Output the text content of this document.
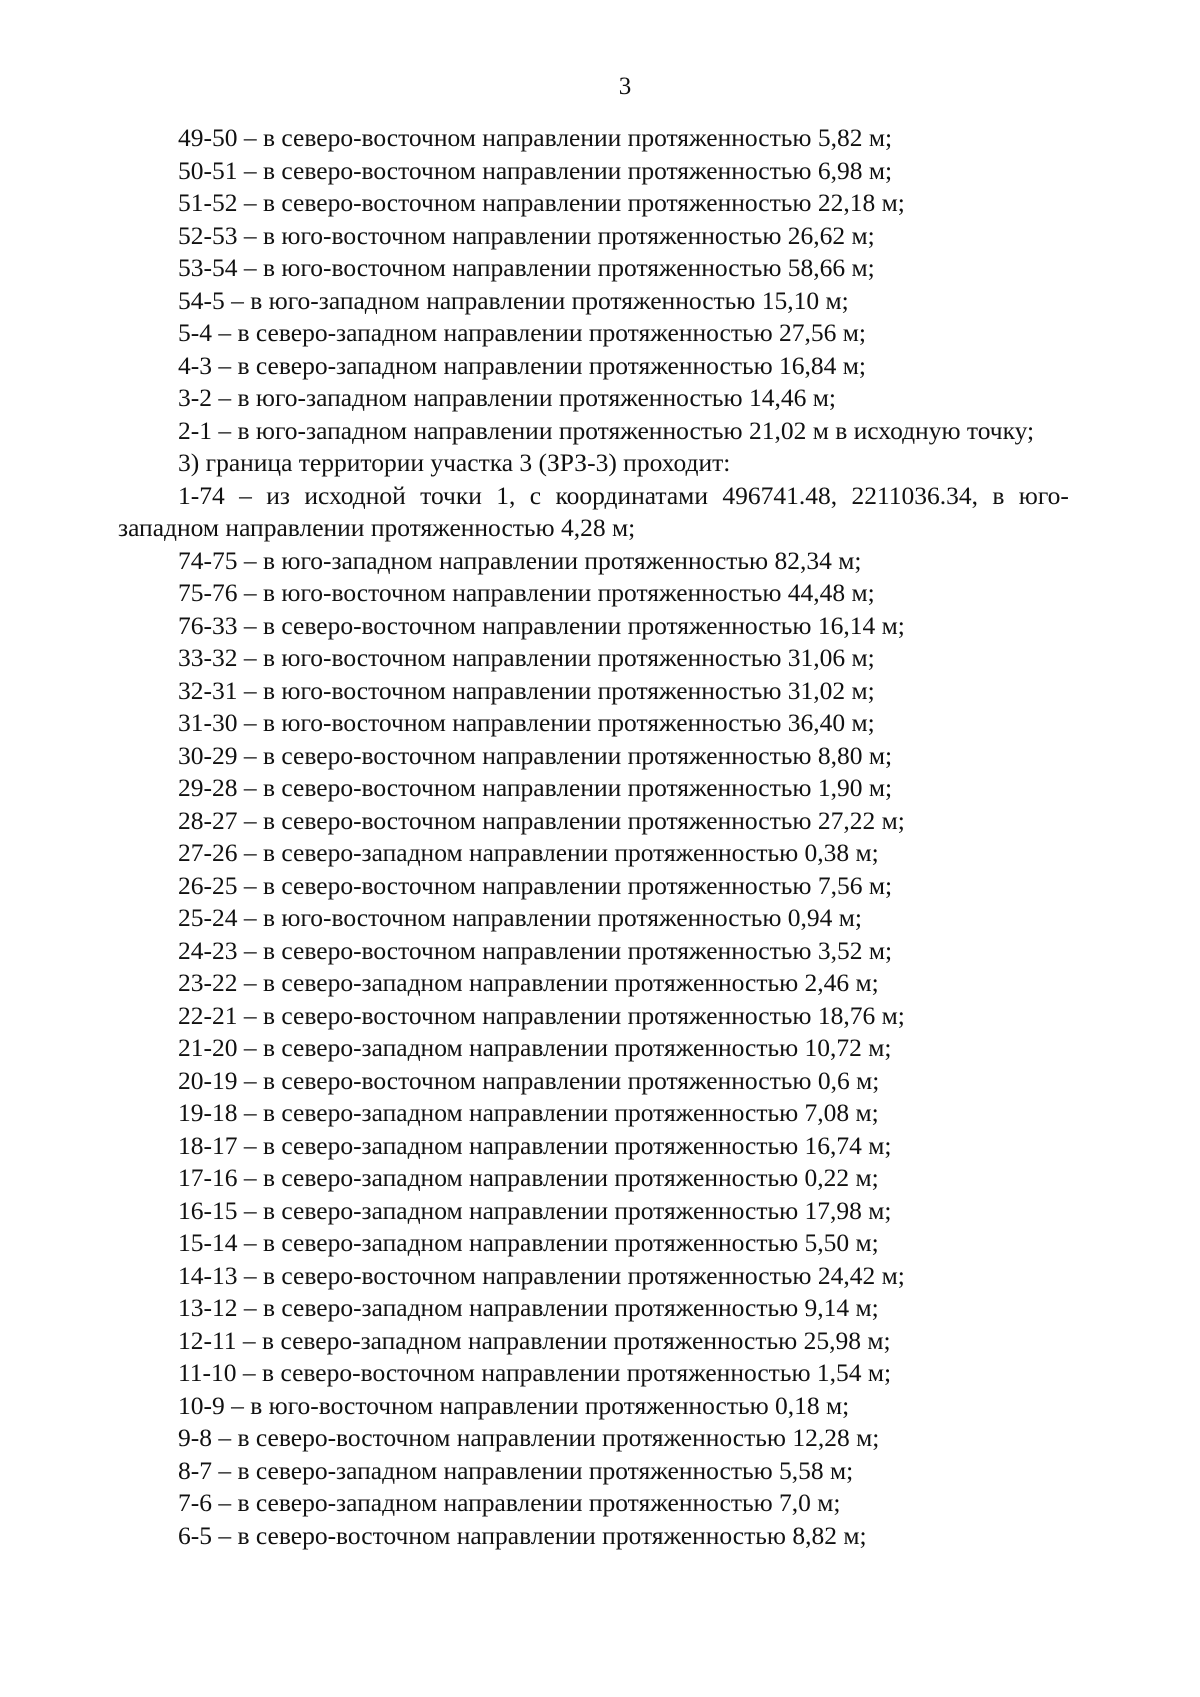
3

49-50 – в северо-восточном направлении протяженностью 5,82 м;

50-51 – в северо-восточном направлении протяженностью 6,98 м;

51-52 – в северо-восточном направлении протяженностью 22,18 м;

52-53 – в юго-восточном направлении протяженностью 26,62 м;

53-54 – в юго-восточном направлении протяженностью 58,66 м;

54-5 – в юго-западном направлении протяженностью 15,10 м;

5-4 – в северо-западном направлении протяженностью 27,56 м;

4-3 – в северо-западном направлении протяженностью 16,84 м;

3-2 – в юго-западном направлении протяженностью 14,46 м;

2-1 – в юго-западном направлении протяженностью 21,02 м в исходную точку;

3) граница территории участка 3 (ЗРЗ-3) проходит:

1-74 – из исходной точки 1, с координатами 496741.48, 2211036.34, в юго-

западном направлении протяженностью 4,28 м;

74-75 – в юго-западном направлении протяженностью 82,34 м;

75-76 – в юго-восточном направлении протяженностью 44,48 м;

76-33 – в северо-восточном направлении протяженностью 16,14 м;

33-32 – в юго-восточном направлении протяженностью 31,06 м;

32-31 – в юго-восточном направлении протяженностью 31,02 м;

31-30 – в юго-восточном направлении протяженностью 36,40 м;

30-29 – в северо-восточном направлении протяженностью 8,80 м;

29-28 – в северо-восточном направлении протяженностью 1,90 м;

28-27 – в северо-восточном направлении протяженностью 27,22 м;

27-26 – в северо-западном направлении протяженностью 0,38 м;

26-25 – в северо-восточном направлении протяженностью 7,56 м;

25-24 – в юго-восточном направлении протяженностью 0,94 м;

24-23 – в северо-восточном направлении протяженностью 3,52 м;

23-22 – в северо-западном направлении протяженностью 2,46 м;

22-21 – в северо-восточном направлении протяженностью 18,76 м;

21-20 – в северо-западном направлении протяженностью 10,72 м;

20-19 – в северо-восточном направлении протяженностью 0,6 м;

19-18 – в северо-западном направлении протяженностью 7,08 м;

18-17 – в северо-западном направлении протяженностью 16,74 м;

17-16 – в северо-западном направлении протяженностью 0,22 м;

16-15 – в северо-западном направлении протяженностью 17,98 м;

15-14 – в северо-западном направлении протяженностью 5,50 м;

14-13 – в северо-восточном направлении протяженностью 24,42 м;

13-12 – в северо-западном направлении протяженностью 9,14 м;

12-11 – в северо-западном направлении протяженностью 25,98 м;

11-10 – в северо-восточном направлении протяженностью 1,54 м;

10-9 – в юго-восточном направлении протяженностью 0,18 м;

9-8 – в северо-восточном направлении протяженностью 12,28 м;

8-7 – в северо-западном направлении протяженностью 5,58 м;

7-6 – в северо-западном направлении протяженностью 7,0 м;

6-5 – в северо-восточном направлении протяженностью 8,82 м;
